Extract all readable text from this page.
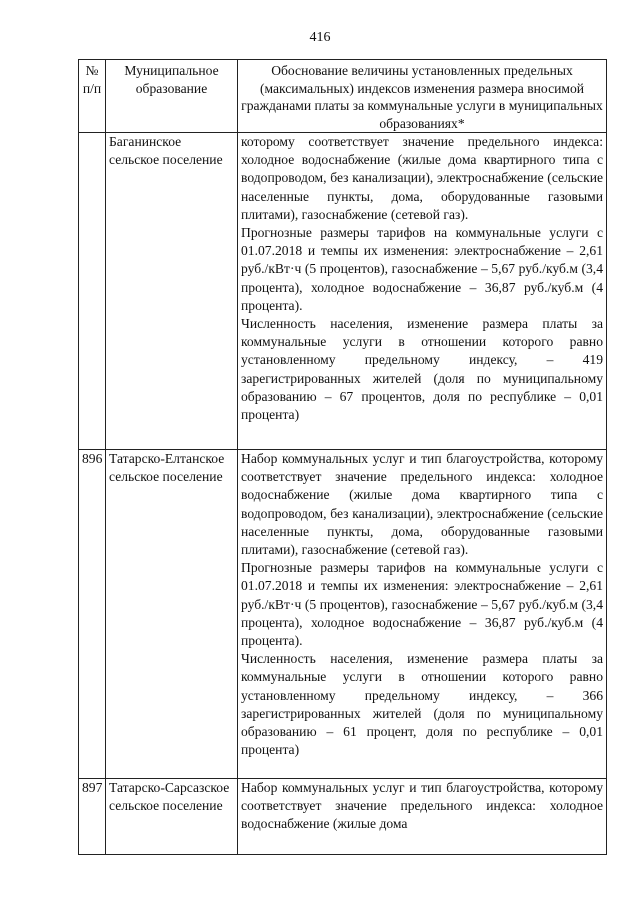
416
№ п/п	Муниципальное образование	Обоснование величины установленных предельных (максимальных) индексов изменения размера вносимой гражданами платы за коммунальные услуги в муниципальных образованиях*
	Баганинское сельское поселение	которому соответствует значение предельного индекса: холодное водоснабжение (жилые дома квартирного типа с водопроводом, без канализации), электроснабжение (сельские населенные пункты, дома, оборудованные газовыми плитами), газоснабжение (сетевой газ).
Прогнозные размеры тарифов на коммунальные услуги с 01.07.2018 и темпы их изменения: электроснабжение – 2,61 руб./кВт·ч (5 процентов), газоснабжение – 5,67 руб./куб.м (3,4 процента), холодное водоснабжение – 36,87 руб./куб.м (4 процента).
Численность населения, изменение размера платы за коммунальные услуги в отношении которого равно установленному предельному индексу, – 419 зарегистрированных жителей (доля по муниципальному образованию – 67 процентов, доля по республике – 0,01 процента)

896	Татарско-Елтанское сельское поселение	Набор коммунальных услуг и тип благоустройства, которому соответствует значение предельного индекса: холодное водоснабжение (жилые дома квартирного типа с водопроводом, без канализации), электроснабжение (сельские населенные пункты, дома, оборудованные газовыми плитами), газоснабжение (сетевой газ).
Прогнозные размеры тарифов на коммунальные услуги с 01.07.2018 и темпы их изменения: электроснабжение – 2,61 руб./кВт·ч (5 процентов), газоснабжение – 5,67 руб./куб.м (3,4 процента), холодное водоснабжение – 36,87 руб./куб.м (4 процента).
Численность населения, изменение размера платы за коммунальные услуги в отношении которого равно установленному предельному индексу, – 366 зарегистрированных жителей (доля по муниципальному образованию – 61 процент, доля по республике – 0,01 процента)

897	Татарско-Сарсазское сельское поселение	Набор коммунальных услуг и тип благоустройства, которому соответствует значение предельного индекса: холодное водоснабжение (жилые дома
